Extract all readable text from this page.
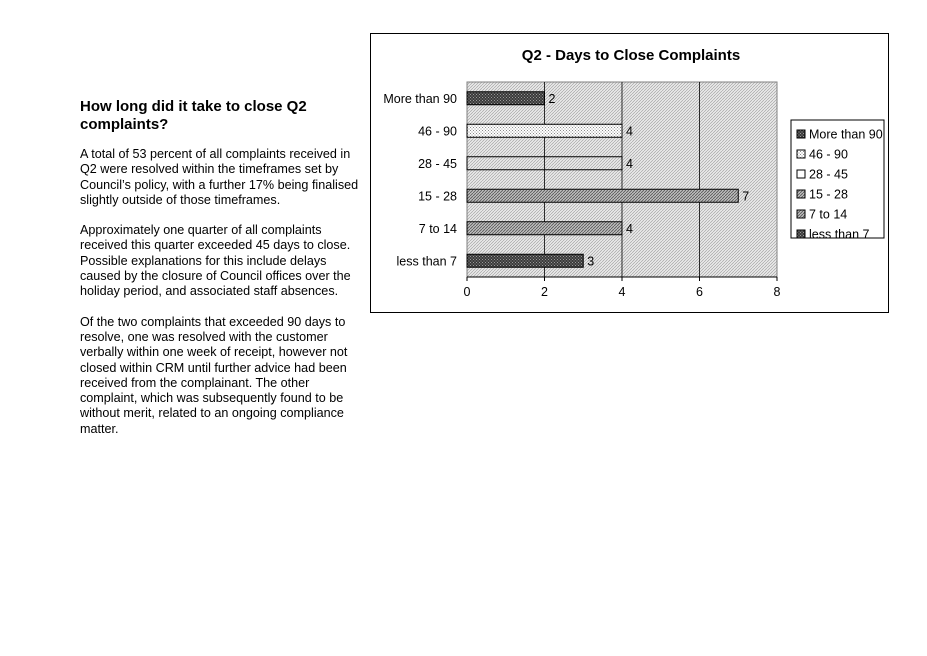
How long did it take to close Q2 complaints?

A total of 53 percent of all complaints received in Q2 were resolved within the timeframes set by Council’s policy, with a further 17% being finalised slightly outside of those timeframes.

Approximately one quarter of all complaints received this quarter exceeded 45 days to close. Possible explanations for this include delays caused by the closure of Council offices over the holiday period, and associated staff absences.

Of the two complaints that exceeded 90 days to resolve, one was resolved with the customer verbally within one week of receipt, however not closed within CRM until further advice had been received from the complainant. The other complaint, which was subsequently found to be without merit, related to an ongoing compliance matter.

Q2 - Days to Close Complaints
More than 90	2
46 - 90	4
28 - 45	4
15 - 28	7
7 to 14	4
less than 7	3
0	2	4	6	8
More than 90
46 - 90
28 - 45
15 - 28
7 to 14
less than 7
